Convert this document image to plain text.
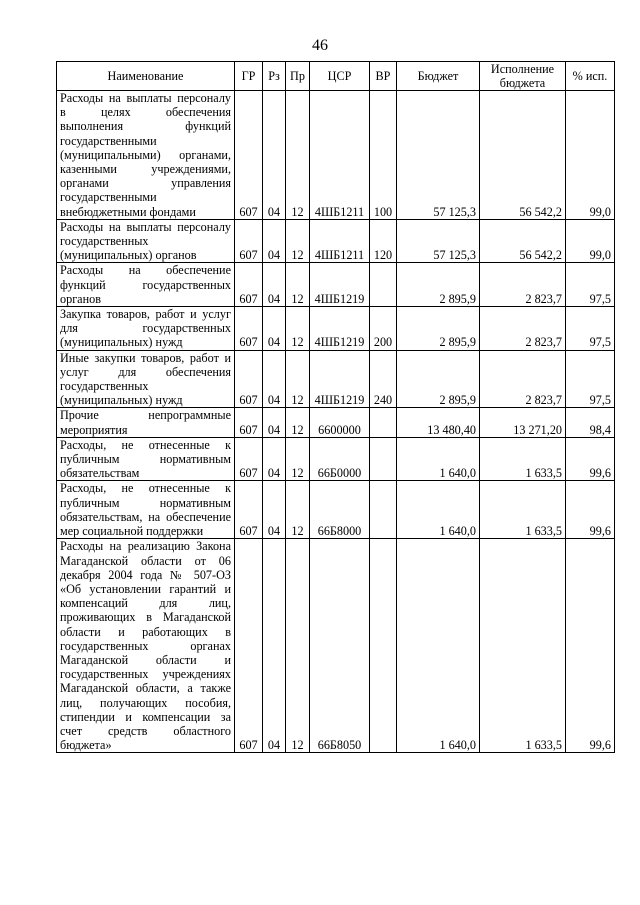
46
Наименование	ГР	Рз	Пр	ЦСР	ВР	Бюджет	Исполнение бюджета	% исп.
Расходы на выплаты персоналу в целях обеспечения выполнения функций государственными (муниципальными) органами, казенными учреждениями, органами управления государственными внебюджетными фондами	607	04	12	4ШБ1211	100	57 125,3	56 542,2	99,0
Расходы на выплаты персоналу государственных (муниципальных) органов	607	04	12	4ШБ1211	120	57 125,3	56 542,2	99,0
Расходы на обеспечение функций государственных органов	607	04	12	4ШБ1219		2 895,9	2 823,7	97,5
Закупка товаров, работ и услуг для государственных (муниципальных) нужд	607	04	12	4ШБ1219	200	2 895,9	2 823,7	97,5
Иные закупки товаров, работ и услуг для обеспечения государственных (муниципальных) нужд	607	04	12	4ШБ1219	240	2 895,9	2 823,7	97,5
Прочие непрограммные мероприятия	607	04	12	6600000		13 480,40	13 271,20	98,4
Расходы, не отнесенные к публичным нормативным обязательствам	607	04	12	66Б0000		1 640,0	1 633,5	99,6
Расходы, не отнесенные к публичным нормативным обязательствам, на обеспечение мер социальной поддержки	607	04	12	66Б8000		1 640,0	1 633,5	99,6
Расходы на реализацию Закона Магаданской области от 06 декабря 2004 года № 507-ОЗ «Об установлении гарантий и компенсаций для лиц, проживающих в Магаданской области и работающих в государственных органах Магаданской области и государственных учреждениях Магаданской области, а также лиц, получающих пособия, стипендии и компенсации за счет средств областного бюджета»	607	04	12	66Б8050		1 640,0	1 633,5	99,6
